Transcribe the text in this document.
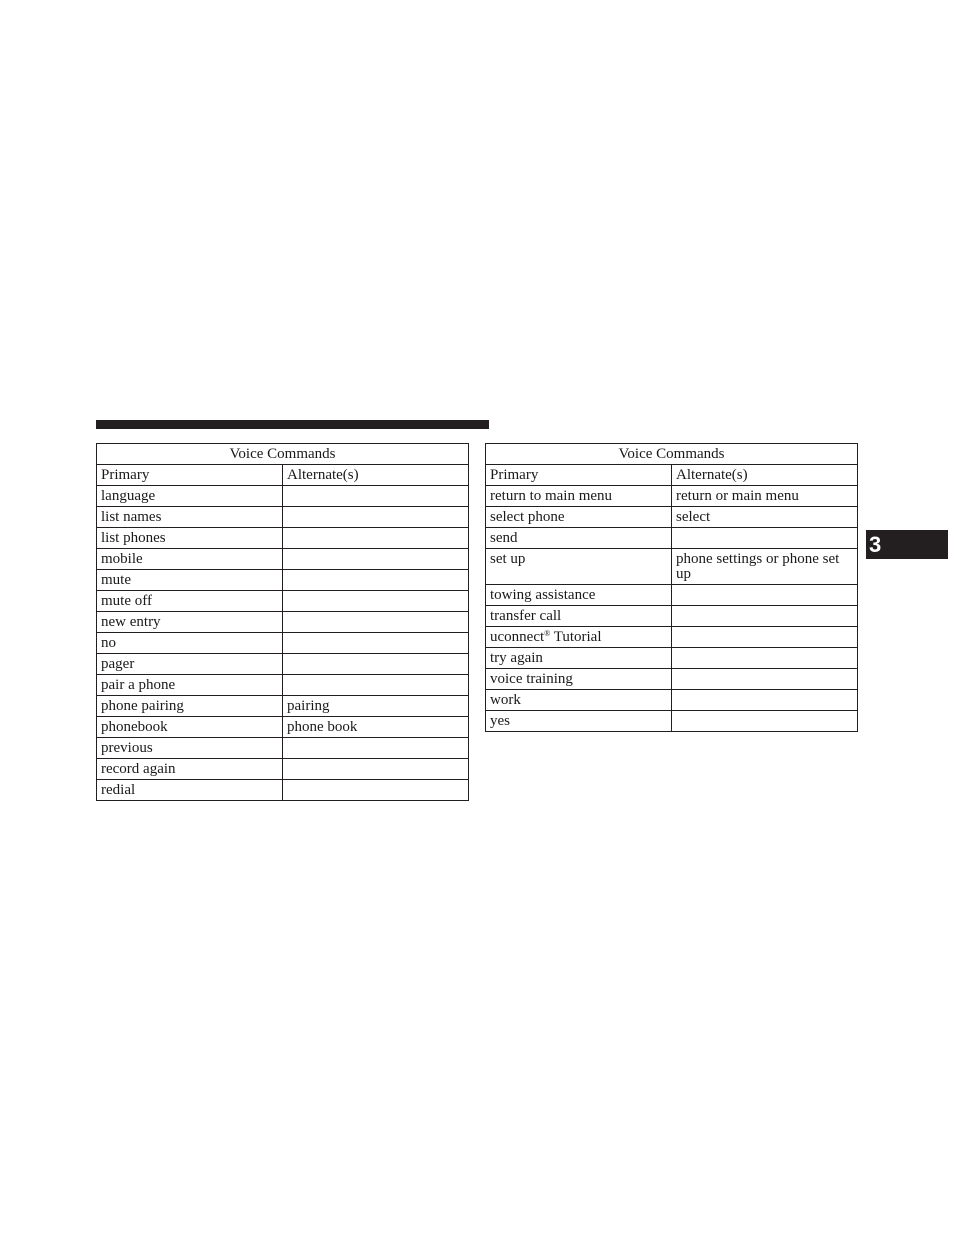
3
Voice Commands	
Primary	Alternate(s)
language	
list names	
list phones	
mobile	
mute	
mute off	
new entry	
no	
pager	
pair a phone	
phone pairing	pairing
phonebook	phone book
previous	
record again	
redial	
Voice Commands	
Primary	Alternate(s)
return to main menu	return or main menu
select phone	select
send	
set up	phone settings or phone set up
towing assistance	
transfer call	
uconnect® Tutorial	
try again	
voice training	
work	
yes	
